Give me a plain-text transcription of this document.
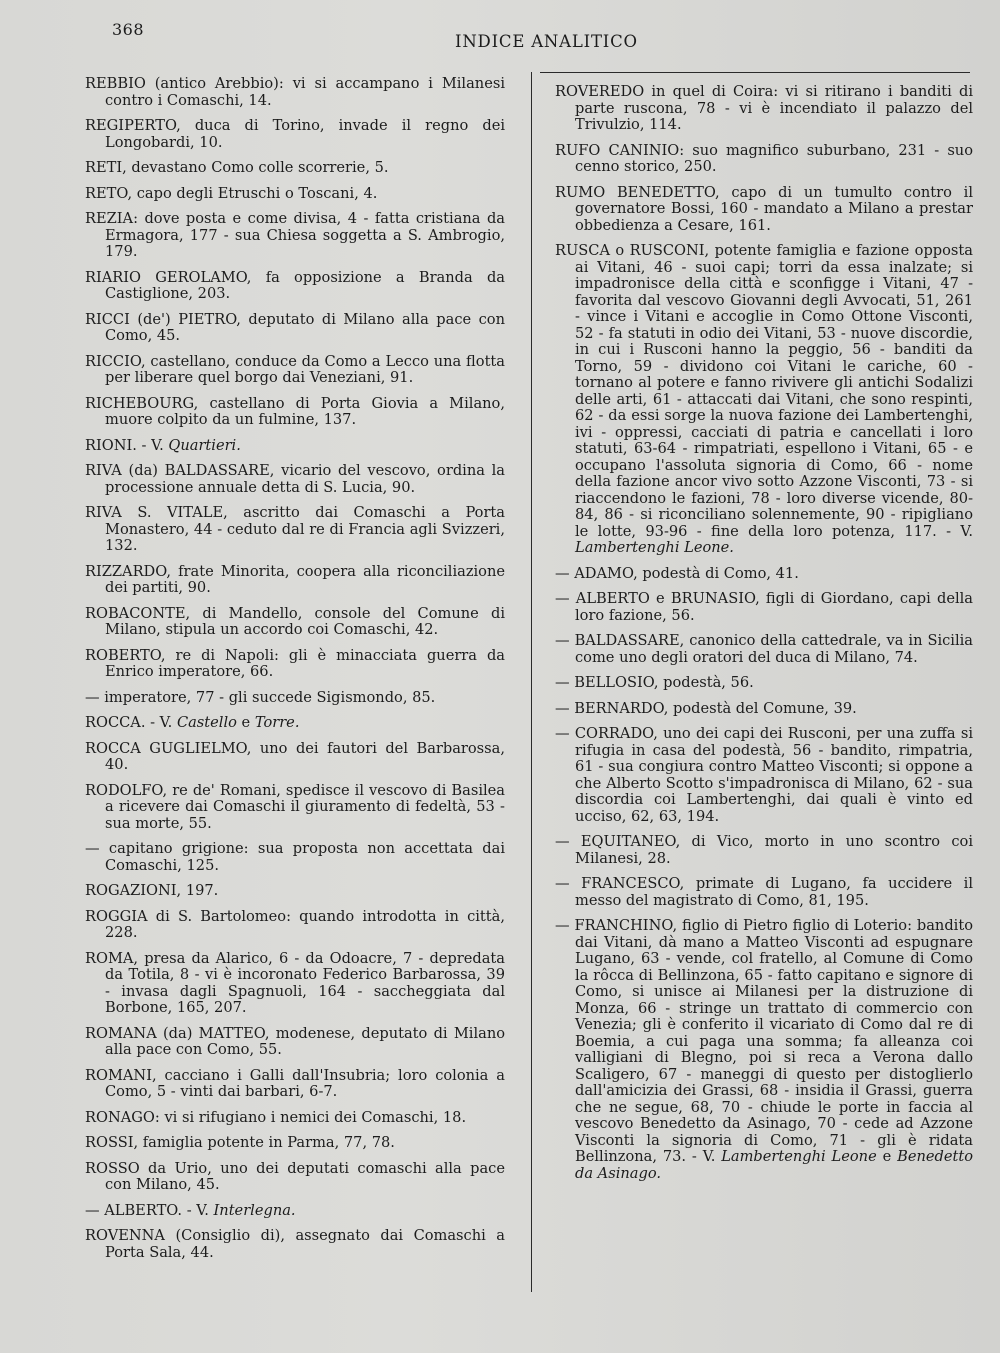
368
INDICE ANALITICO

REBBIO (antico Arebbio): vi si accampano i Milanesi contro i Comaschi, 14.

REGIPERTO, duca di Torino, invade il regno dei Longobardi, 10.

RETI, devastano Como colle scorrerie, 5.

RETO, capo degli Etruschi o Toscani, 4.

REZIA: dove posta e come divisa, 4 - fatta cristiana da Ermagora, 177 - sua Chiesa soggetta a S. Ambrogio, 179.

RIARIO GEROLAMO, fa opposizione a Branda da Castiglione, 203.

RICCI (de') PIETRO, deputato di Milano alla pace con Como, 45.

RICCIO, castellano, conduce da Como a Lecco una flotta per liberare quel borgo dai Veneziani, 91.

RICHEBOURG, castellano di Porta Giovia a Milano, muore colpito da un fulmine, 137.

RIONI. - V. Quartieri.

RIVA (da) BALDASSARE, vicario del vescovo, ordina la processione annuale detta di S. Lucia, 90.

RIVA S. VITALE, ascritto dai Comaschi a Porta Monastero, 44 - ceduto dal re di Francia agli Svizzeri, 132.

RIZZARDO, frate Minorita, coopera alla riconciliazione dei partiti, 90.

ROBACONTE, di Mandello, console del Comune di Milano, stipula un accordo coi Comaschi, 42.

ROBERTO, re di Napoli: gli è minacciata guerra da Enrico imperatore, 66.

— imperatore, 77 - gli succede Sigismondo, 85.

ROCCA. - V. Castello e Torre.

ROCCA GUGLIELMO, uno dei fautori del Barbarossa, 40.

RODOLFO, re de' Romani, spedisce il vescovo di Basilea a ricevere dai Comaschi il giuramento di fedeltà, 53 - sua morte, 55.

— capitano grigione: sua proposta non accettata dai Comaschi, 125.

ROGAZIONI, 197.

ROGGIA di S. Bartolomeo: quando introdotta in città, 228.

ROMA, presa da Alarico, 6 - da Odoacre, 7 - depredata da Totila, 8 - vi è incoronato Federico Barbarossa, 39 - invasa dagli Spagnuoli, 164 - saccheggiata dal Borbone, 165, 207.

ROMANA (da) MATTEO, modenese, deputato di Milano alla pace con Como, 55.

ROMANI, cacciano i Galli dall'Insubria; loro colonia a Como, 5 - vinti dai barbari, 6-7.

RONAGO: vi si rifugiano i nemici dei Comaschi, 18.

ROSSI, famiglia potente in Parma, 77, 78.

ROSSO da Urio, uno dei deputati comaschi alla pace con Milano, 45.

— ALBERTO. - V. Interlegna.

ROVENNA (Consiglio di), assegnato dai Comaschi a Porta Sala, 44.

ROVEREDO in quel di Coira: vi si ritirano i banditi di parte ruscona, 78 - vi è incendiato il palazzo del Trivulzio, 114.

RUFO CANINIO: suo magnifico suburbano, 231 - suo cenno storico, 250.

RUMO BENEDETTO, capo di un tumulto contro il governatore Bossi, 160 - mandato a Milano a prestar obbedienza a Cesare, 161.

RUSCA o RUSCONI, potente famiglia e fazione opposta ai Vitani, 46 - suoi capi; torri da essa inalzate; si impadronisce della città e sconfigge i Vitani, 47 - favorita dal vescovo Giovanni degli Avvocati, 51, 261 - vince i Vitani e accoglie in Como Ottone Visconti, 52 - fa statuti in odio dei Vitani, 53 - nuove discordie, in cui i Rusconi hanno la peggio, 56 - banditi da Torno, 59 - dividono coi Vitani le cariche, 60 - tornano al potere e fanno rivivere gli antichi Sodalizi delle arti, 61 - attaccati dai Vitani, che sono respinti, 62 - da essi sorge la nuova fazione dei Lambertenghi, ivi - oppressi, cacciati di patria e cancellati i loro statuti, 63-64 - rimpatriati, espellono i Vitani, 65 - e occupano l'assoluta signoria di Como, 66 - nome della fazione ancor vivo sotto Azzone Visconti, 73 - si riaccendono le fazioni, 78 - loro diverse vicende, 80-84, 86 - si riconciliano solennemente, 90 - ripigliano le lotte, 93-96 - fine della loro potenza, 117. - V. Lambertenghi Leone.

— ADAMO, podestà di Como, 41.

— ALBERTO e BRUNASIO, figli di Giordano, capi della loro fazione, 56.

— BALDASSARE, canonico della cattedrale, va in Sicilia come uno degli oratori del duca di Milano, 74.

— BELLOSIO, podestà, 56.

— BERNARDO, podestà del Comune, 39.

— CORRADO, uno dei capi dei Rusconi, per una zuffa si rifugia in casa del podestà, 56 - bandito, rimpatria, 61 - sua congiura contro Matteo Visconti; si oppone a che Alberto Scotto s'impadronisca di Milano, 62 - sua discordia coi Lambertenghi, dai quali è vinto ed ucciso, 62, 63, 194.

— EQUITANEO, di Vico, morto in uno scontro coi Milanesi, 28.

— FRANCESCO, primate di Lugano, fa uccidere il messo del magistrato di Como, 81, 195.

— FRANCHINO, figlio di Pietro figlio di Loterio: bandito dai Vitani, dà mano a Matteo Visconti ad espugnare Lugano, 63 - vende, col fratello, al Comune di Como la rôcca di Bellinzona, 65 - fatto capitano e signore di Como, si unisce ai Milanesi per la distruzione di Monza, 66 - stringe un trattato di commercio con Venezia; gli è conferito il vicariato di Como dal re di Boemia, a cui paga una somma; fa alleanza coi valligiani di Blegno, poi si reca a Verona dallo Scaligero, 67 - maneggi di questo per distoglierlo dall'amicizia dei Grassi, 68 - insidia il Grassi, guerra che ne segue, 68, 70 - chiude le porte in faccia al vescovo Benedetto da Asinago, 70 - cede ad Azzone Visconti la signoria di Como, 71 - gli è ridata Bellinzona, 73. - V. Lambertenghi Leone e Benedetto da Asinago.
